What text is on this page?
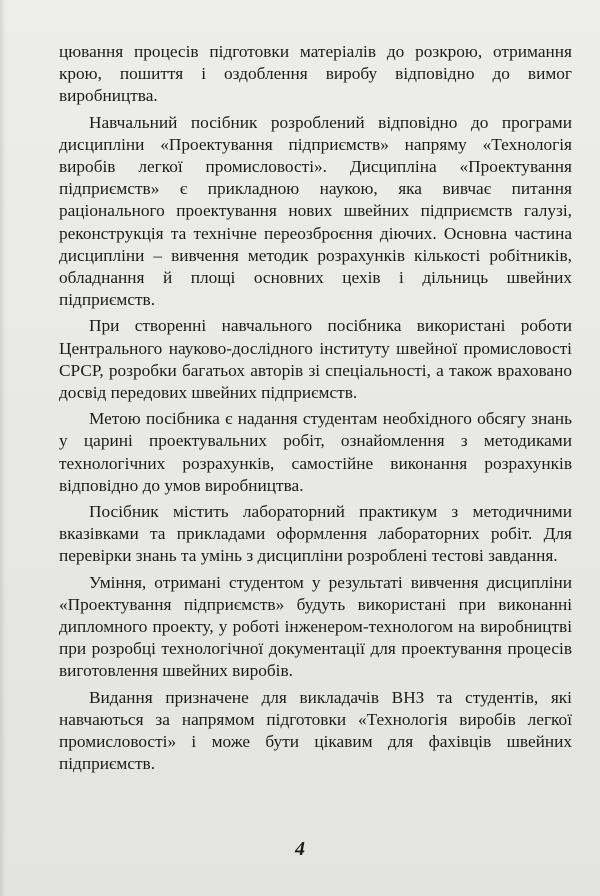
цювання процесів підготовки матеріалів до розкрою, отримання крою, пошиття і оздоблення виробу відповідно до вимог виробництва.

Навчальний посібник розроблений відповідно до програми дисципліни «Проектування підприємств» напряму «Технологія виробів легкої промисловості». Дисципліна «Проектування підприємств» є прикладною наукою, яка вивчає питання раціонального проектування нових швейних підприємств галузі, реконструкція та технічне переозброєння діючих. Основна частина дисципліни – вивчення методик розрахунків кількості робітників, обладнання й площі основних цехів і дільниць швейних підприємств.

При створенні навчального посібника використані роботи Центрального науково-дослідного інституту швейної промисловості СРСР, розробки багатьох авторів зі спеціальності, а також враховано досвід передових швейних підприємств.

Метою посібника є надання студентам необхідного обсягу знань у царині проектувальних робіт, ознайомлення з методиками технологічних розрахунків, самостійне виконання розрахунків відповідно до умов виробництва.

Посібник містить лабораторний практикум з методичними вказівками та прикладами оформлення лабораторних робіт. Для перевірки знань та умінь з дисципліни розроблені тестові завдання.

Уміння, отримані студентом у результаті вивчення дисципліни «Проектування підприємств» будуть використані при виконанні дипломного проекту, у роботі інженером-технологом на виробництві при розробці технологічної документації для проектування процесів виготовлення швейних виробів.

Видання призначене для викладачів ВНЗ та студентів, які навчаються за напрямом підготовки «Технологія виробів легкої промисловості» і може бути цікавим для фахівців швейних підприємств.

4
